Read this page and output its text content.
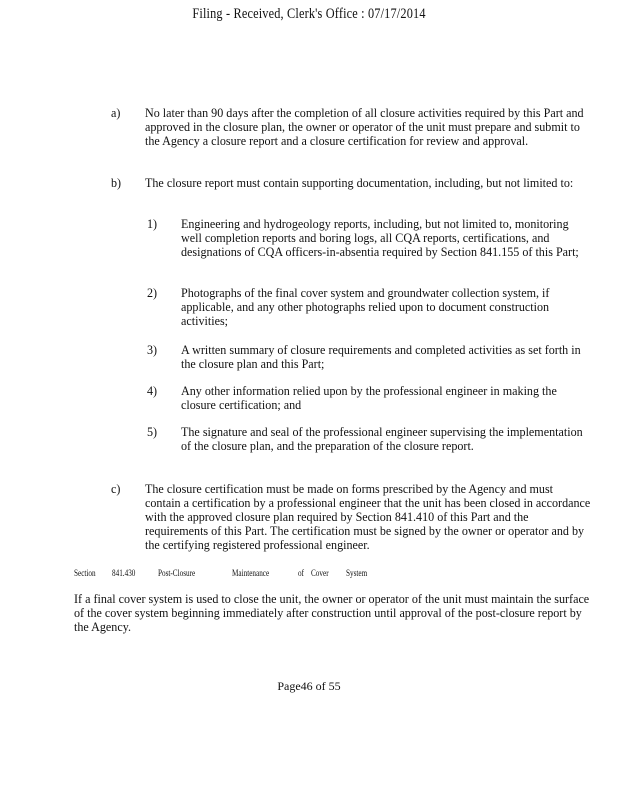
Filing - Received, Clerk's Office : 07/17/2014
a) No later than 90 days after the completion of all closure activities required by this Part and approved in the closure plan, the owner or operator of the unit must prepare and submit to the Agency a closure report and a closure certification for review and approval.
b) The closure report must contain supporting documentation, including, but not limited to:
1) Engineering and hydrogeology reports, including, but not limited to, monitoring well completion reports and boring logs, all CQA reports, certifications, and designations of CQA officers-in-absentia required by Section 841.155 of this Part;
2) Photographs of the final cover system and groundwater collection system, if applicable, and any other photographs relied upon to document construction activities;
3) A written summary of closure requirements and completed activities as set forth in the closure plan and this Part;
4) Any other information relied upon by the professional engineer in making the closure certification; and
5) The signature and seal of the professional engineer supervising the implementation of the closure plan, and the preparation of the closure report.
c) The closure certification must be made on forms prescribed by the Agency and must contain a certification by a professional engineer that the unit has been closed in accordance with the approved closure plan required by Section 841.410 of this Part and the requirements of this Part. The certification must be signed by the owner or operator and by the certifying registered professional engineer.
Section 841.430	Post-Closure	Maintenance	of Cover System
If a final cover system is used to close the unit, the owner or operator of the unit must maintain the surface of the cover system beginning immediately after construction until approval of the post-closure report by the Agency.
Page46 of 55
